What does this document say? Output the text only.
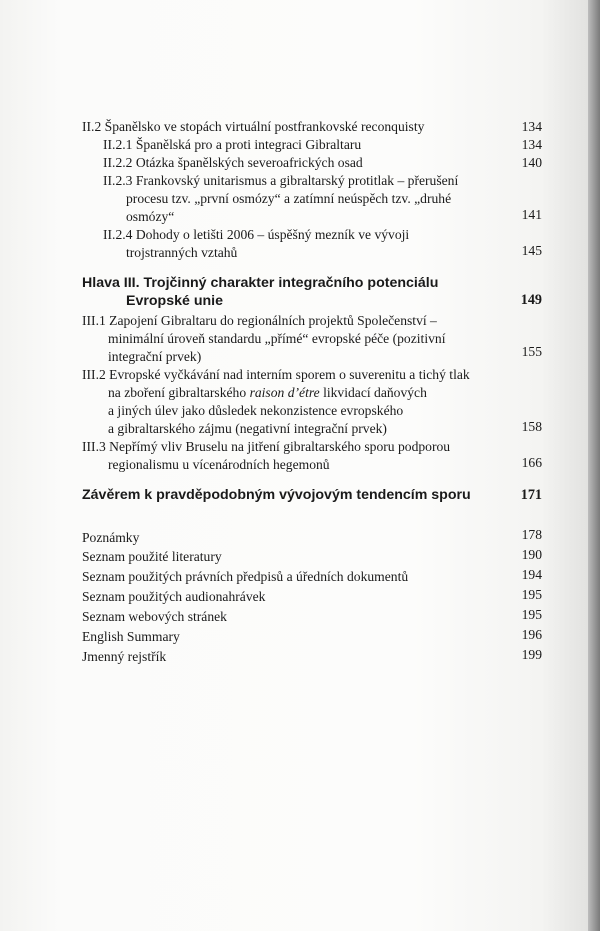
II.2 Španělsko ve stopách virtuální postfrankovské reconquisty	134
II.2.1 Španělská pro a proti integraci Gibraltaru	134
II.2.2 Otázka španělských severoafrických osad	140
II.2.3 Frankovský unitarismus a gibraltarský protitlak – přerušení
procesu tzv. „první osmózy“ a zatímní neúspěch tzv. „druhé
osmózy“	141
II.2.4 Dohody o letišti 2006 – úspěšný mezník ve vývoji
trojstranných vztahů	145
Hlava III. Trojčinný charakter integračního potenciálu
Evropské unie	149
III.1 Zapojení Gibraltaru do regionálních projektů Společenství –
minimální úroveň standardu „přímé“ evropské péče (pozitivní
integrační prvek)	155
III.2 Evropské vyčkávání nad interním sporem o suverenitu a tichý tlak
na zboření gibraltarského raison d’étre likvidací daňových
a jiných úlev jako důsledek nekonzistence evropského
a gibraltarského zájmu (negativní integrační prvek)	158
III.3 Nepřímý vliv Bruselu na jitření gibraltarského sporu podporou
regionalismu u vícenárodních hegemonů	166
Závěrem k pravděpodobným vývojovým tendencím sporu	171
Poznámky	178
Seznam použité literatury	190
Seznam použitých právních předpisů a úředních dokumentů	194
Seznam použitých audionahrávek	195
Seznam webových stránek	195
English Summary	196
Jmenný rejstřík	199
